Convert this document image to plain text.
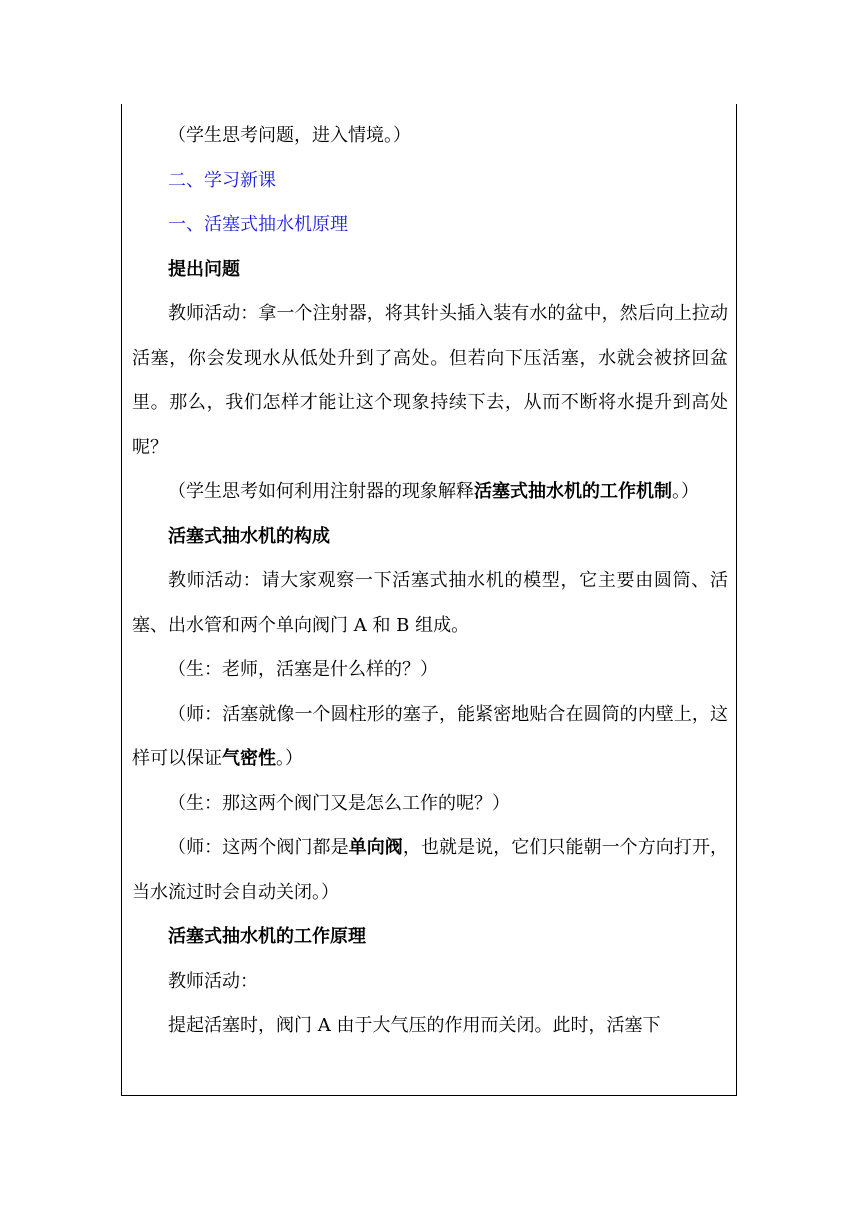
（学生思考问题，进入情境。）

二、学习新课

一、活塞式抽水机原理

提出问题

教师活动：拿一个注射器，将其针头插入装有水的盆中，然后向上拉动活塞，你会发现水从低处升到了高处。但若向下压活塞，水就会被挤回盆里。那么，我们怎样才能让这个现象持续下去，从而不断将水提升到高处呢？

（学生思考如何利用注射器的现象解释活塞式抽水机的工作机制。）

活塞式抽水机的构成

教师活动：请大家观察一下活塞式抽水机的模型，它主要由圆筒、活塞、出水管和两个单向阀门 A 和 B 组成。

（生：老师，活塞是什么样的？）

（师：活塞就像一个圆柱形的塞子，能紧密地贴合在圆筒的内壁上，这样可以保证气密性。）

（生：那这两个阀门又是怎么工作的呢？）

（师：这两个阀门都是单向阀，也就是说，它们只能朝一个方向打开，当水流过时会自动关闭。）

活塞式抽水机的工作原理

教师活动：

提起活塞时，阀门 A 由于大气压的作用而关闭。此时，活塞下
